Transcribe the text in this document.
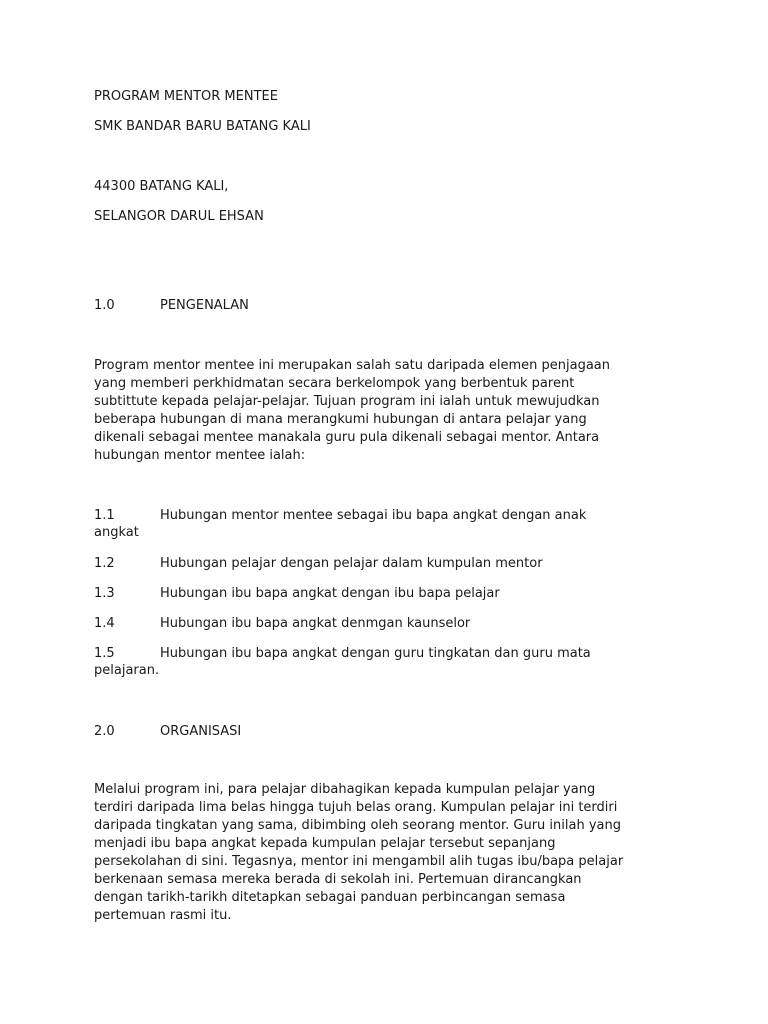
PROGRAM MENTOR MENTEE
SMK BANDAR BARU BATANG KALI
44300 BATANG KALI,
SELANGOR DARUL EHSAN
1.0	PENGENALAN
Program mentor mentee ini merupakan salah satu daripada elemen penjagaan
yang memberi perkhidmatan secara berkelompok yang berbentuk parent
subtittute kepada pelajar-pelajar. Tujuan program ini ialah untuk mewujudkan
beberapa hubungan di mana merangkumi hubungan di antara pelajar yang
dikenali sebagai mentee manakala guru pula dikenali sebagai mentor. Antara
hubungan mentor mentee ialah:
1.1	Hubungan mentor mentee sebagai ibu bapa angkat dengan anak
angkat
1.2	Hubungan pelajar dengan pelajar dalam kumpulan mentor
1.3	Hubungan ibu bapa angkat dengan ibu bapa pelajar
1.4	Hubungan ibu bapa angkat denmgan kaunselor
1.5	Hubungan ibu bapa angkat dengan guru tingkatan dan guru mata
pelajaran.
2.0	ORGANISASI
Melalui program ini, para pelajar dibahagikan kepada kumpulan pelajar yang
terdiri daripada lima belas hingga tujuh belas orang. Kumpulan pelajar ini terdiri
daripada tingkatan yang sama, dibimbing oleh seorang mentor. Guru inilah yang
menjadi ibu bapa angkat kepada kumpulan pelajar tersebut sepanjang
persekolahan di sini. Tegasnya, mentor ini mengambil alih tugas ibu/bapa pelajar
berkenaan semasa mereka berada di sekolah ini. Pertemuan dirancangkan
dengan tarikh-tarikh ditetapkan sebagai panduan perbincangan semasa
pertemuan rasmi itu.
